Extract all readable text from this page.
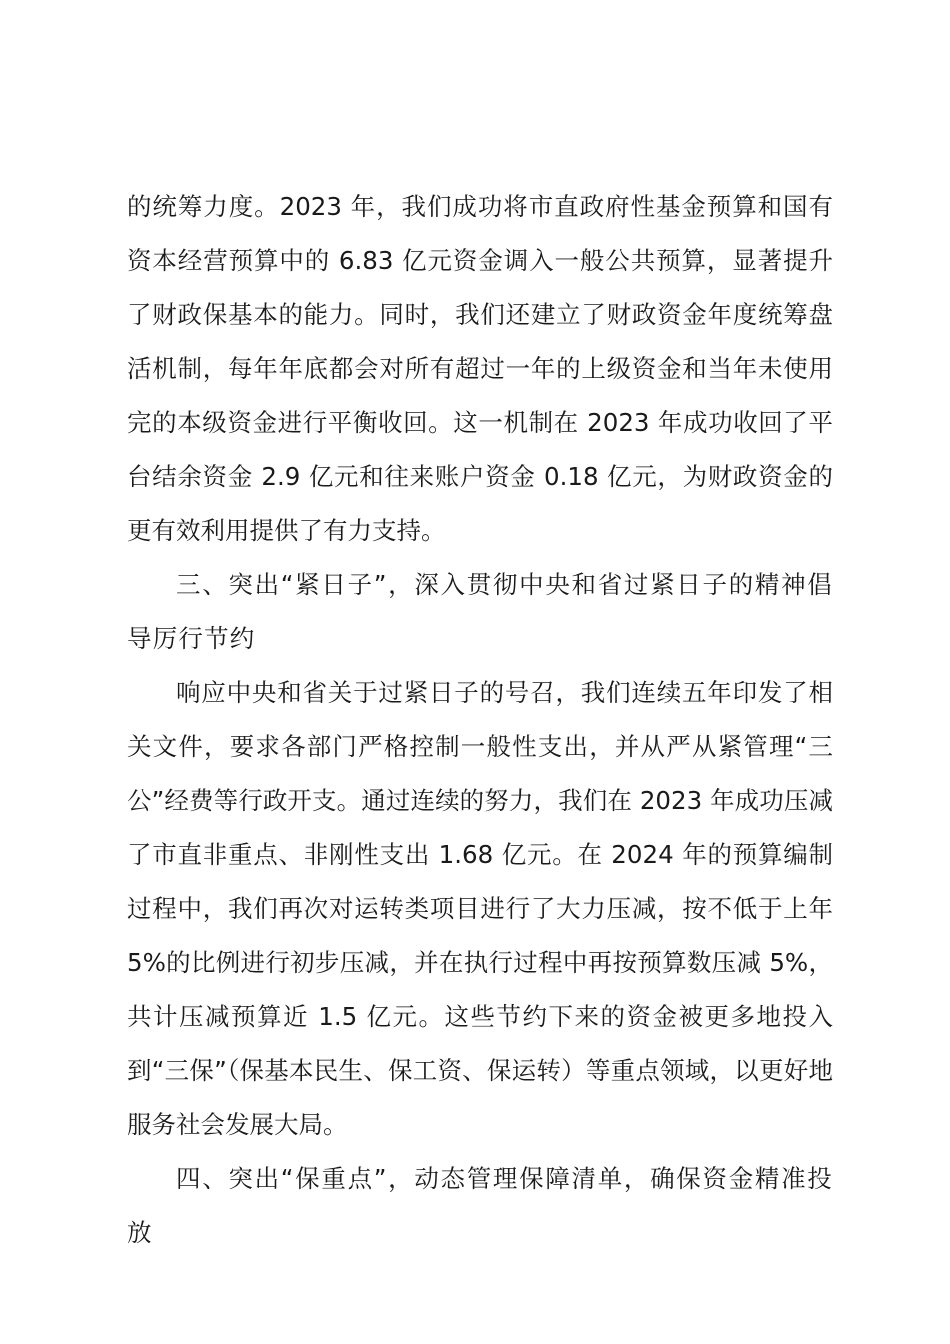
的统筹力度。2023 年，我们成功将市直政府性基金预算和国有资本经营预算中的 6.83 亿元资金调入一般公共预算，显著提升了财政保基本的能力。同时，我们还建立了财政资金年度统筹盘活机制，每年年底都会对所有超过一年的上级资金和当年未使用完的本级资金进行平衡收回。这一机制在 2023 年成功收回了平台结余资金 2.9 亿元和往来账户资金 0.18 亿元，为财政资金的更有效利用提供了有力支持。

三、突出“紧日子”，深入贯彻中央和省过紧日子的精神倡导厉行节约

响应中央和省关于过紧日子的号召，我们连续五年印发了相关文件，要求各部门严格控制一般性支出，并从严从紧管理“三公”经费等行政开支。通过连续的努力，我们在 2023 年成功压减了市直非重点、非刚性支出 1.68 亿元。在 2024 年的预算编制过程中，我们再次对运转类项目进行了大力压减，按不低于上年 5%的比例进行初步压减，并在执行过程中再按预算数压减 5%，共计压减预算近 1.5 亿元。这些节约下来的资金被更多地投入到“三保”（保基本民生、保工资、保运转）等重点领域，以更好地服务社会发展大局。

四、突出“保重点”，动态管理保障清单，确保资金精准投放
